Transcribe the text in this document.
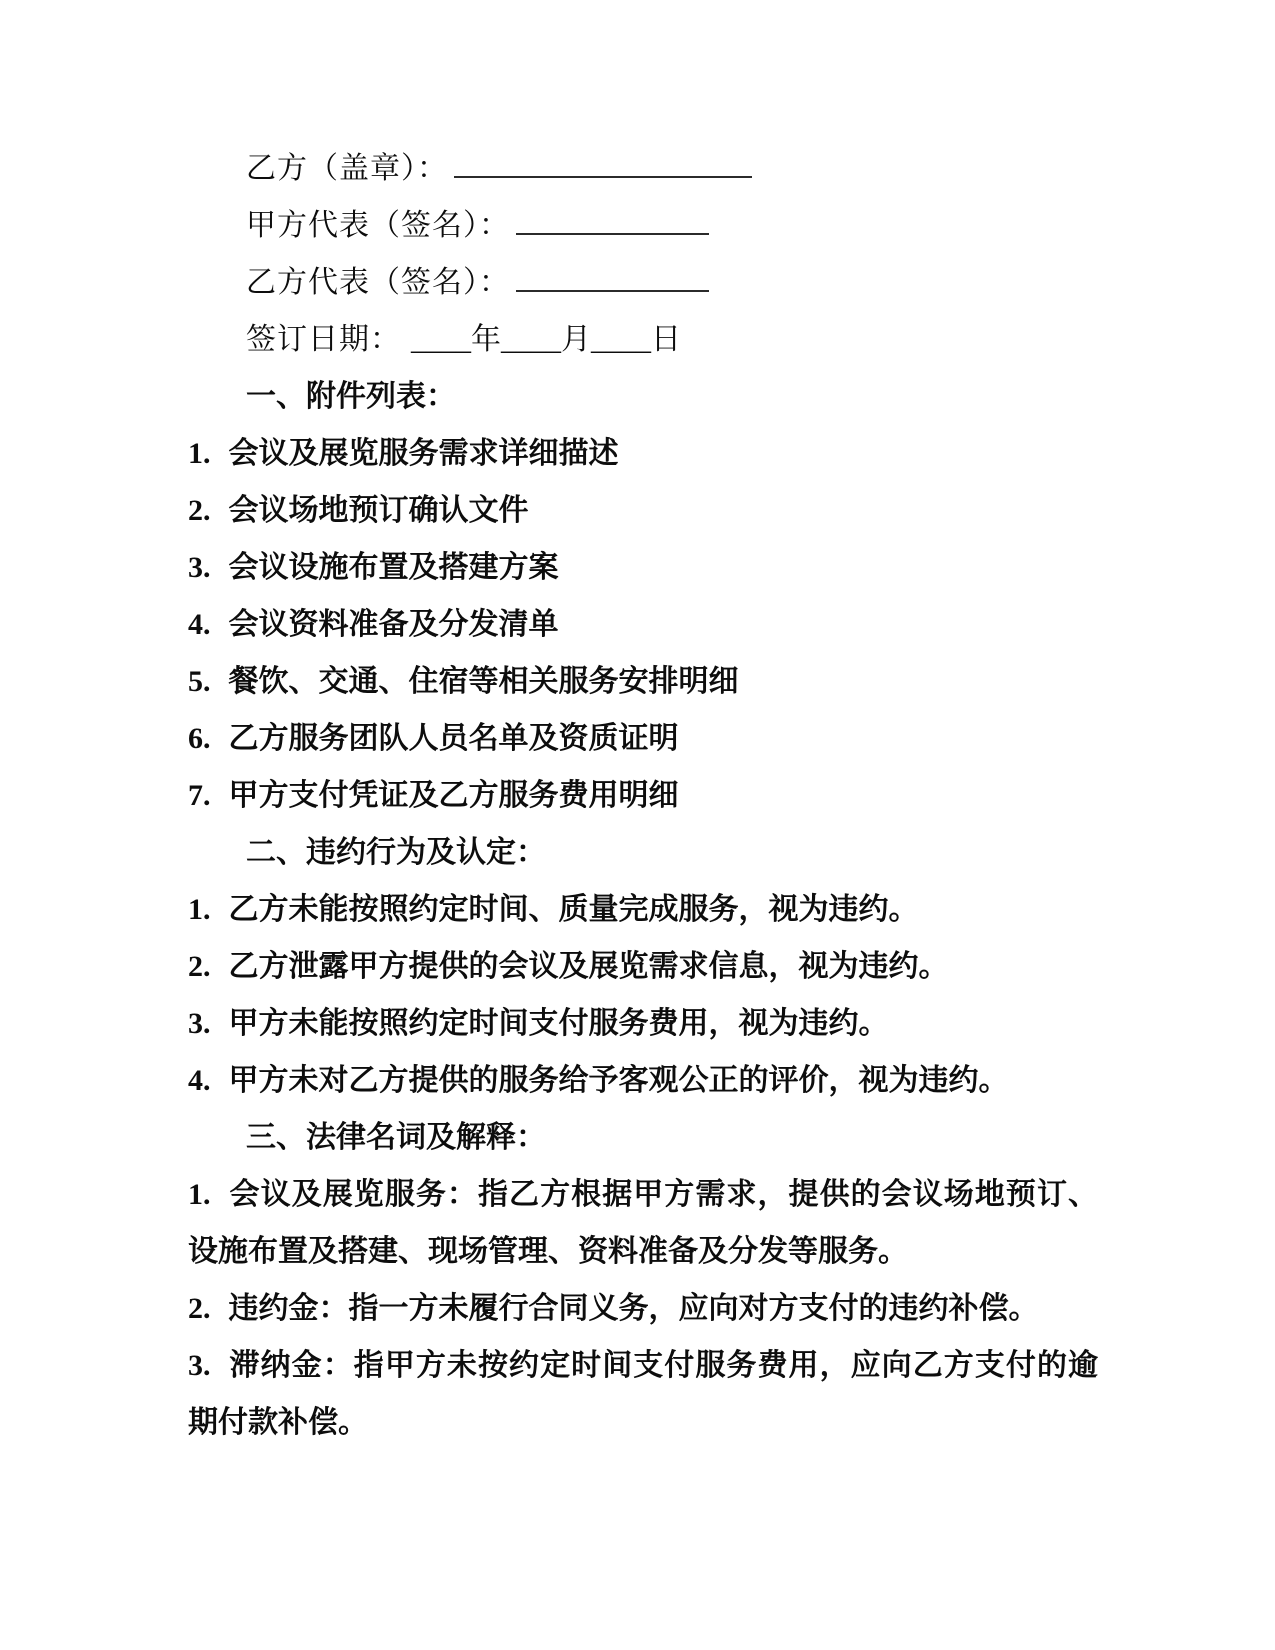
乙方（盖章）：

甲方代表（签名）：

乙方代表（签名）：

签订日期： ____年____月____日

一、附件列表：

1. 会议及展览服务需求详细描述

2. 会议场地预订确认文件

3. 会议设施布置及搭建方案

4. 会议资料准备及分发清单

5. 餐饮、交通、住宿等相关服务安排明细

6. 乙方服务团队人员名单及资质证明

7. 甲方支付凭证及乙方服务费用明细

二、违约行为及认定：

1. 乙方未能按照约定时间、质量完成服务，视为违约。

2. 乙方泄露甲方提供的会议及展览需求信息，视为违约。

3. 甲方未能按照约定时间支付服务费用，视为违约。

4. 甲方未对乙方提供的服务给予客观公正的评价，视为违约。

三、法律名词及解释：

1. 会议及展览服务：指乙方根据甲方需求，提供的会议场地预订、设施布置及搭建、现场管理、资料准备及分发等服务。

2. 违约金：指一方未履行合同义务，应向对方支付的违约补偿。

3. 滞纳金：指甲方未按约定时间支付服务费用，应向乙方支付的逾期付款补偿。
